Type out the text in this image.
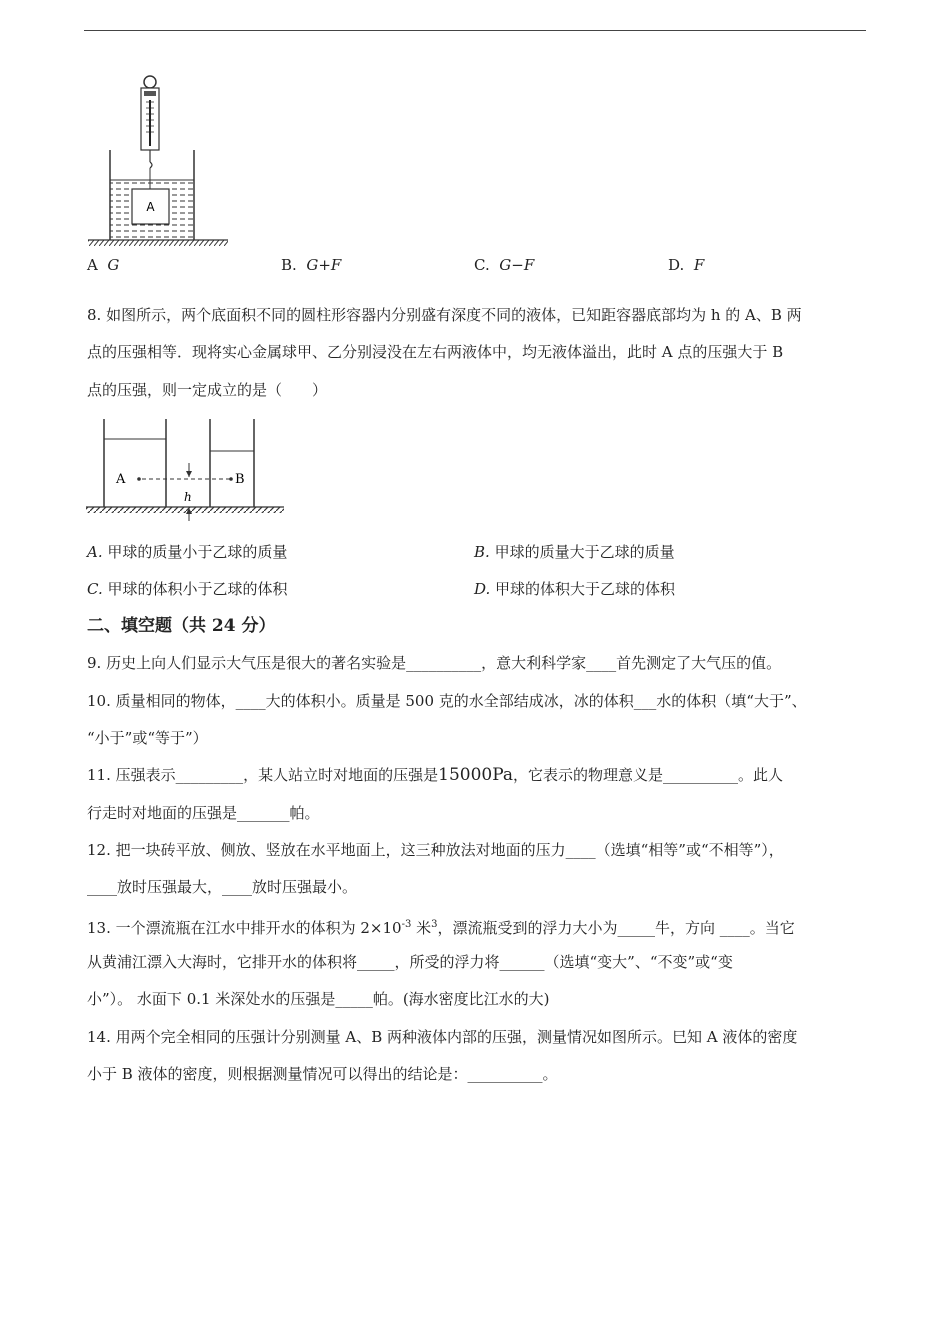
A
A G	B. G+F	C. G−F	D. F
8. 如图所示，两个底面积不同的圆柱形容器内分别盛有深度不同的液体，已知距容器底部均为 h 的 A、B 两
点的压强相等．现将实心金属球甲、乙分别浸没在左右两液体中，均无液体溢出，此时 A 点的压强大于 B
点的压强，则一定成立的是（　　）
A	B
h
A. 甲球的质量小于乙球的质量	B. 甲球的质量大于乙球的质量
C. 甲球的体积小于乙球的体积	D. 甲球的体积大于乙球的体积
二、填空题（共 24 分）
9. 历史上向人们显示大气压是很大的著名实验是__________，意大利科学家____首先测定了大气压的值。
10. 质量相同的物体，____大的体积小。质量是 500 克的水全部结成冰，冰的体积___水的体积（填“大于”、
“小于”或“等于”）
11. 压强表示_________，某人站立时对地面的压强是15000Pa，它表示的物理意义是__________。此人
行走时对地面的压强是_______帕。
12. 把一块砖平放、侧放、竖放在水平地面上，这三种放法对地面的压力____（选填“相等”或“不相等”），
____放时压强最大，____放时压强最小。
13. 一个漂流瓶在江水中排开水的体积为 $2\times 10^{-3}$ 米$^3$，漂流瓶受到的浮力大小为_____牛，方向 ____。当它
从黄浦江漂入大海时，它排开水的体积将_____，所受的浮力将______（选填“变大”、“不变”或“变
小”）。 水面下 0.1 米深处水的压强是_____帕。(海水密度比江水的大)
14. 用两个完全相同的压强计分别测量 A、B 两种液体内部的压强，测量情况如图所示。巳知 A 液体的密度
小于 B 液体的密度，则根据测量情况可以得出的结论是：__________。
